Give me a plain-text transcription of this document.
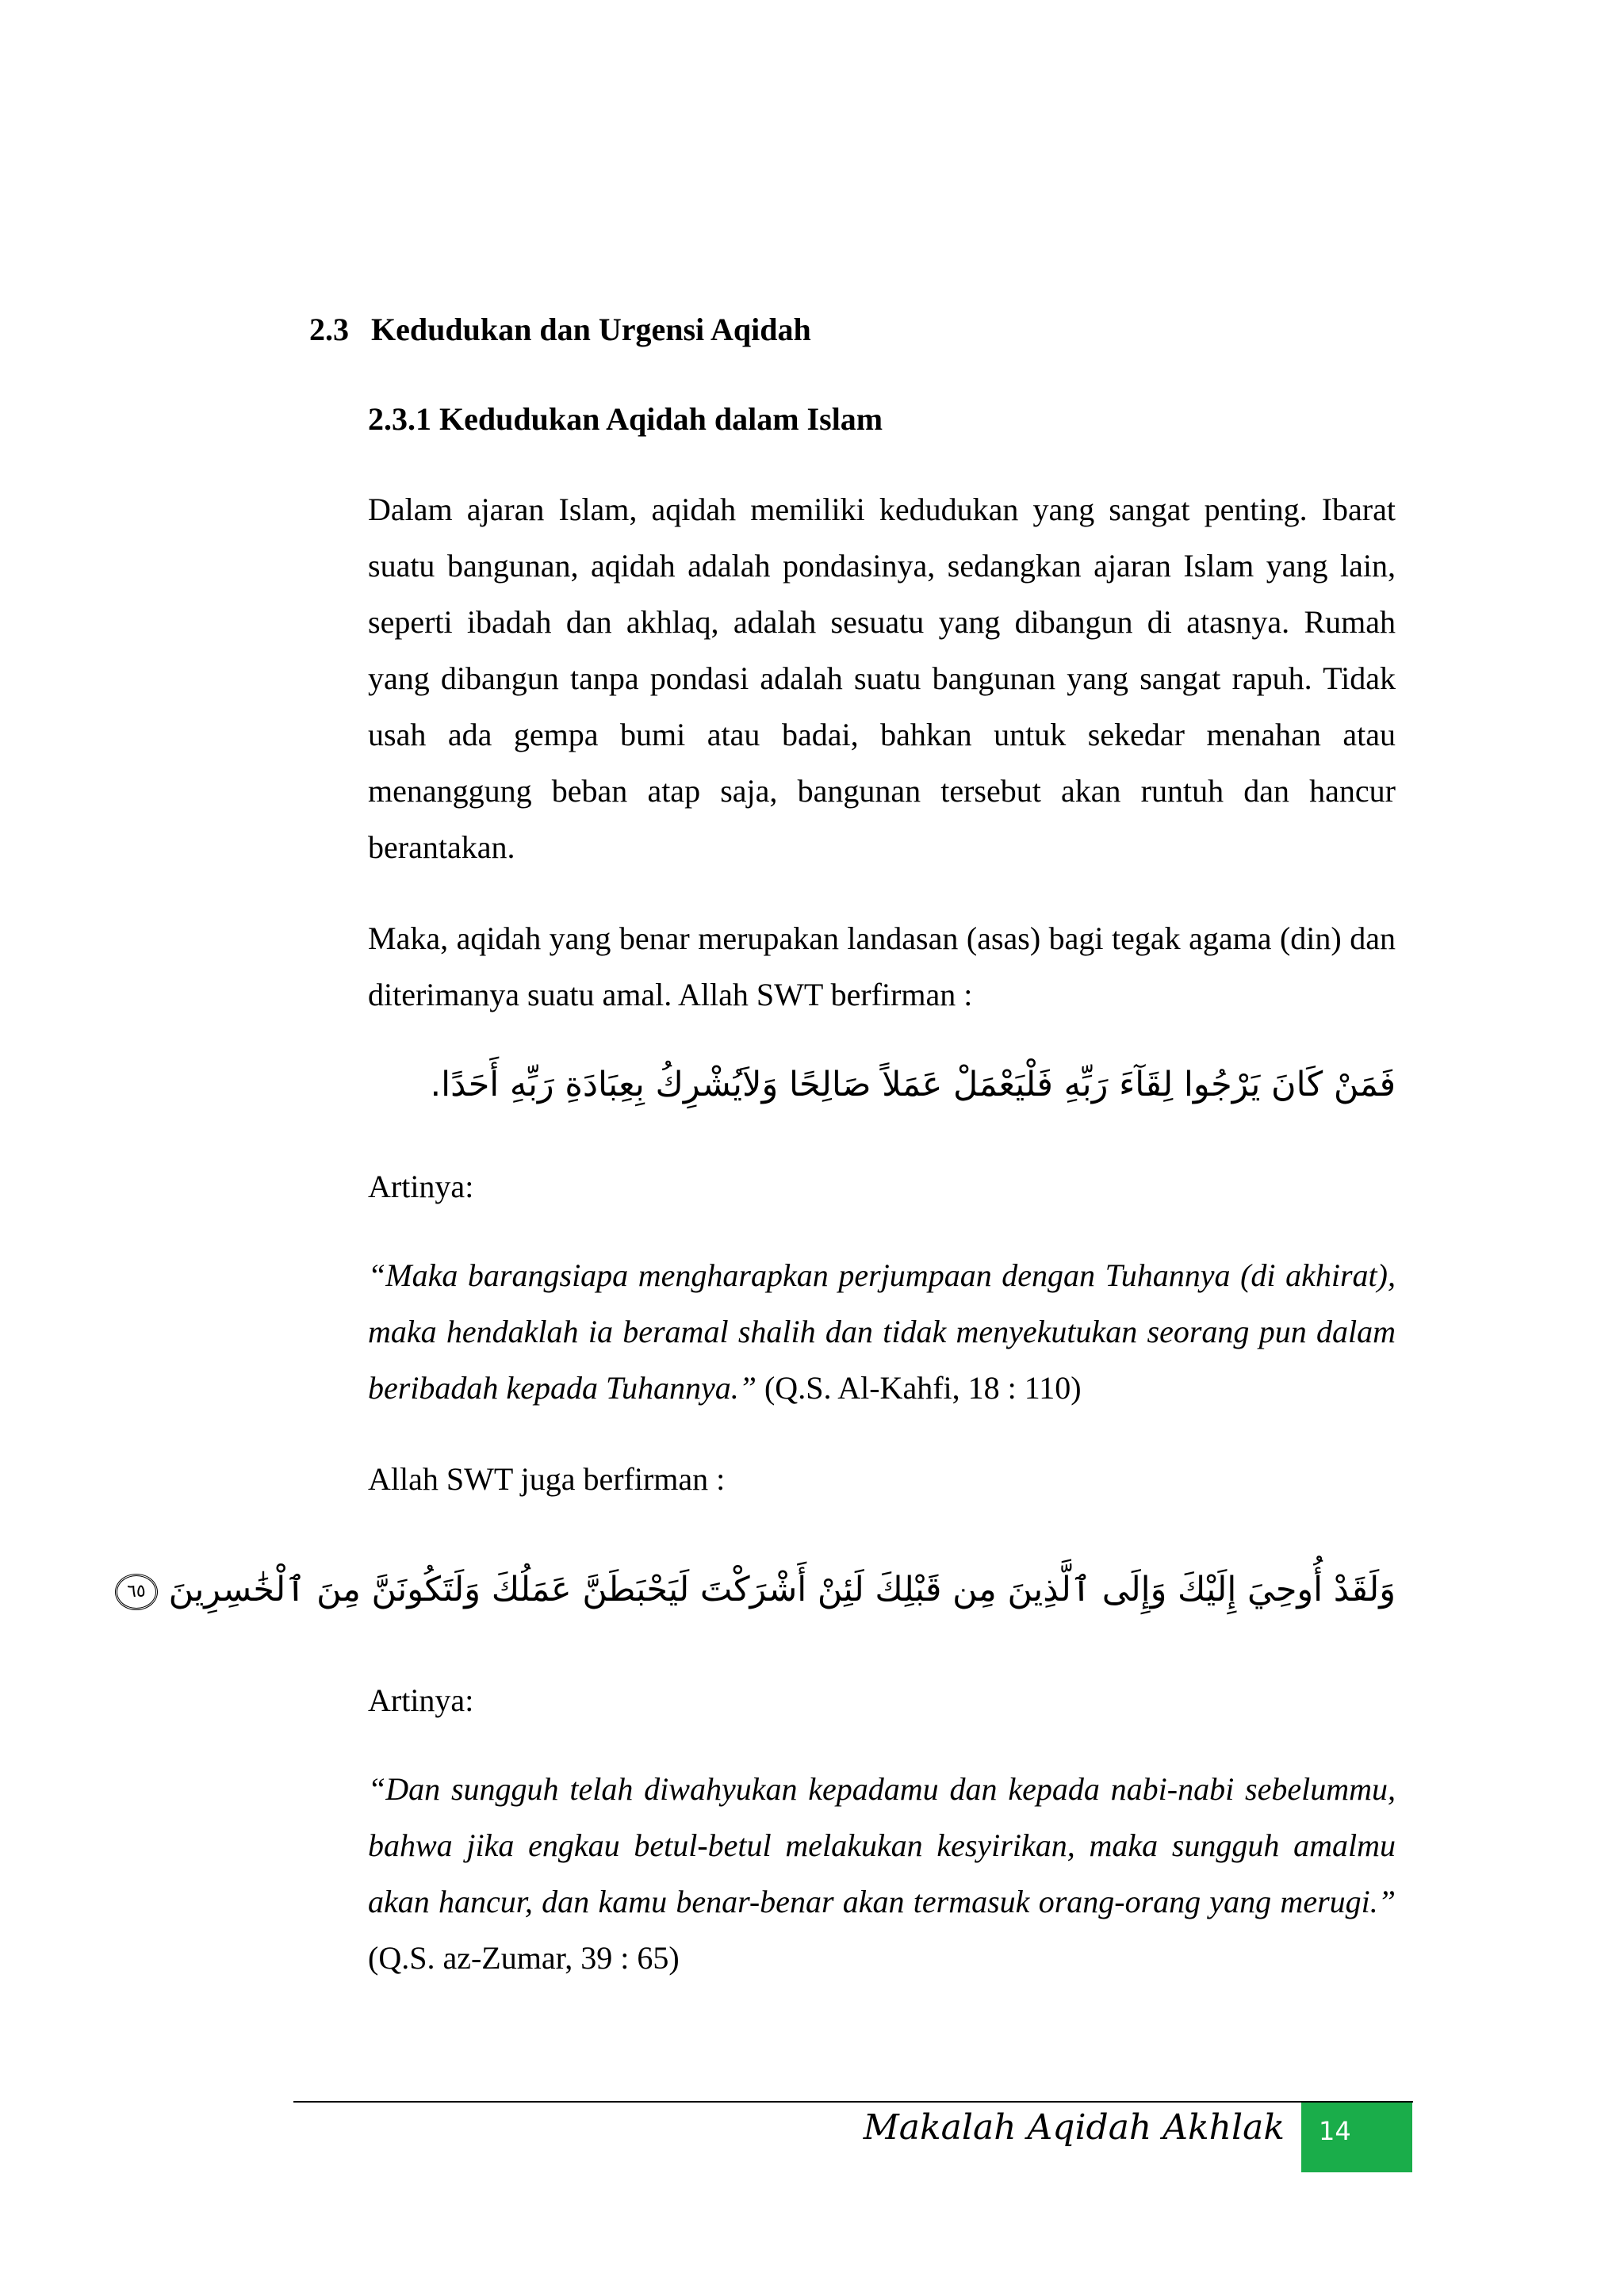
2.3 Kedudukan dan Urgensi Aqidah
2.3.1 Kedudukan Aqidah dalam Islam

Dalam ajaran Islam, aqidah memiliki kedudukan yang sangat penting. Ibarat suatu bangunan, aqidah adalah pondasinya, sedangkan ajaran Islam yang lain, seperti ibadah dan akhlaq, adalah sesuatu yang dibangun di atasnya. Rumah yang dibangun tanpa pondasi adalah suatu bangunan yang sangat rapuh. Tidak usah ada gempa bumi atau badai, bahkan untuk sekedar menahan atau menanggung beban atap saja, bangunan tersebut akan runtuh dan hancur berantakan.

Maka, aqidah yang benar merupakan landasan (asas) bagi tegak agama (din) dan diterimanya suatu amal. Allah SWT berfirman :

فَمَنْ كَانَ يَرْجُوا لِقَآءَ رَبِّهِ فَلْيَعْمَلْ عَمَلاً صَالِحًا وَلاَيُشْرِكُ بِعِبَادَةِ رَبِّهِ أَحَدًا.

Artinya:

“Maka barangsiapa mengharapkan perjumpaan dengan Tuhannya (di akhirat), maka hendaklah ia beramal shalih dan tidak menyekutukan seorang pun dalam beribadah kepada Tuhannya.” (Q.S. Al-Kahfi, 18 : 110)

Allah SWT juga berfirman :

وَلَقَدْ أُوحِيَ إِلَيْكَ وَإِلَى ٱلَّذِينَ مِن قَبْلِكَ لَئِنْ أَشْرَكْتَ لَيَحْبَطَنَّ عَمَلُكَ وَلَتَكُونَنَّ مِنَ ٱلْخَٰسِرِينَ ٦٥

Artinya:

“Dan sungguh telah diwahyukan kepadamu dan kepada nabi-nabi sebelummu, bahwa jika engkau betul-betul melakukan kesyirikan, maka sungguh amalmu akan hancur, dan kamu benar-benar akan termasuk orang-orang yang merugi.” (Q.S. az-Zumar, 39 : 65)

Makalah Aqidah Akhlak	14
